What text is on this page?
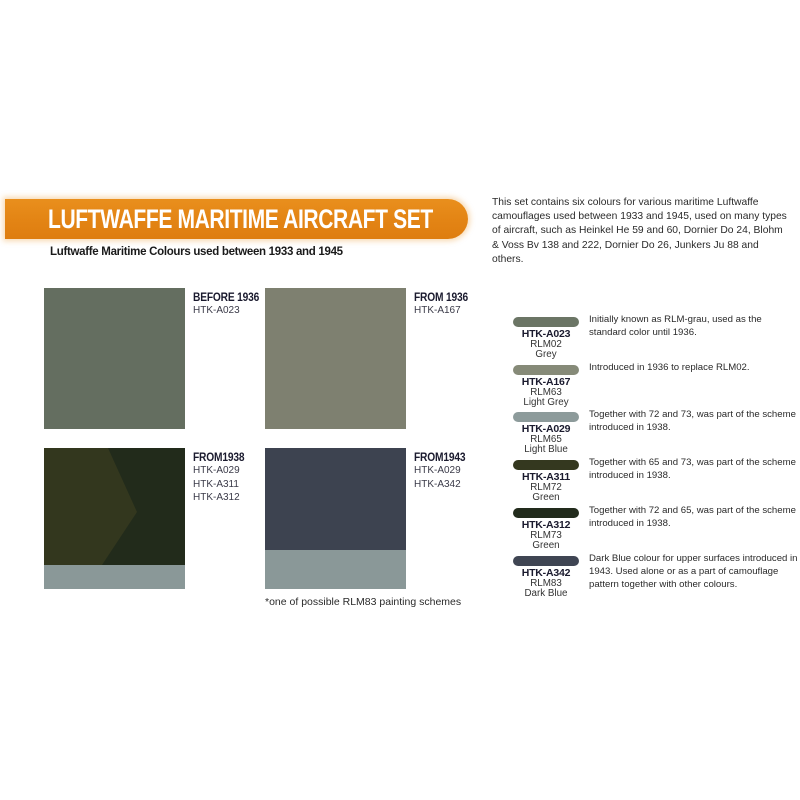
LUFTWAFFE MARITIME AIRCRAFT SET
Luftwaffe Maritime Colours used between 1933 and 1945
This set contains six colours for various maritime Luftwaffe camouflages used between 1933 and 1945, used on many types of aircraft, such as Heinkel He 59 and 60, Dornier Do 24, Blohm & Voss Bv 138 and 222, Dornier Do 26, Junkers Ju 88 and others.
BEFORE 1936
HTK-A023
FROM 1936
HTK-A167
FROM1938
HTK-A029
HTK-A311
HTK-A312
FROM1943
HTK-A029
HTK-A342
*one of possible RLM83 painting schemes
HTK-A023
RLM02
Grey
Initially known as RLM-grau, used as the standard color until 1936.
HTK-A167
RLM63
Light Grey
Introduced in 1936 to replace RLM02.
HTK-A029
RLM65
Light Blue
Together with 72 and 73, was part of the scheme introduced in 1938.
HTK-A311
RLM72
Green
Together with 65 and 73, was part of the scheme introduced in 1938.
HTK-A312
RLM73
Green
Together with 72 and 65, was part of the scheme introduced in 1938.
HTK-A342
RLM83
Dark Blue
Dark Blue colour for upper surfaces introduced in 1943. Used alone or as a part of camouflage pattern together with other colours.
